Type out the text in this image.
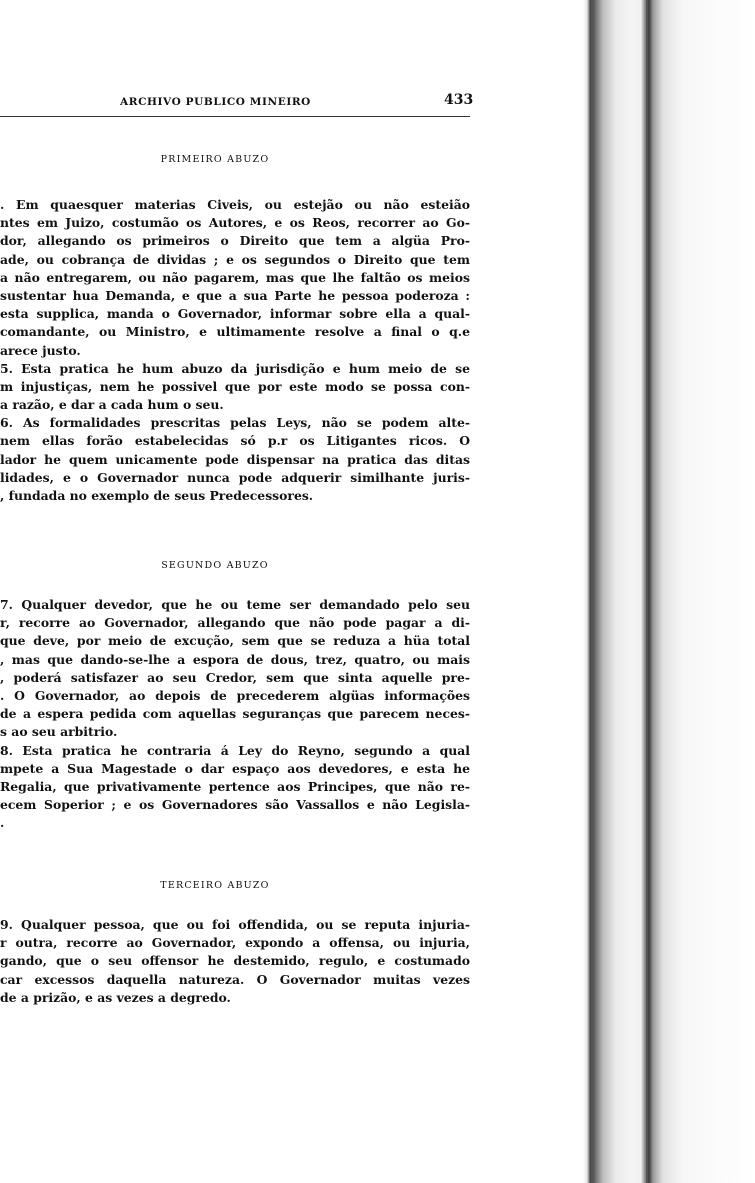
ARCHIVO PUBLICO MINEIRO	433
PRIMEIRO ABUZO
. Em quaesquer materias Civeis, ou estejão ou não esteião
ntes em Juizo, costumão os Autores, e os Reos, recorrer ao Go-
dor, allegando os primeiros o Direito que tem a algüa Pro-
ade, ou cobrança de dividas ; e os segundos o Direito que tem
a não entregarem, ou não pagarem, mas que lhe faltão os meios
sustentar hua Demanda, e que a sua Parte he pessoa poderoza :
esta supplica, manda o Governador, informar sobre ella a qual-
comandante, ou Ministro, e ultimamente resolve a final o q.e
arece justo.
5. Esta pratica he hum abuzo da jurisdição e hum meio de se
m injustiças, nem he possivel que por este modo se possa con-
a razão, e dar a cada hum o seu.
6. As formalidades prescritas pelas Leys, não se podem alte-
nem ellas forão estabelecidas só p.r os Litigantes ricos. O
lador he quem unicamente pode dispensar na pratica das ditas
lidades, e o Governador nunca pode adquerir similhante juris-
, fundada no exemplo de seus Predecessores.
SEGUNDO ABUZO
7. Qualquer devedor, que he ou teme ser demandado pelo seu
r, recorre ao Governador, allegando que não pode pagar a di-
que deve, por meio de excução, sem que se reduza a hüa total
, mas que dando-se-lhe a espora de dous, trez, quatro, ou mais
, poderá satisfazer ao seu Credor, sem que sinta aquelle pre-
. O Governador, ao depois de precederem algüas informações
de a espera pedida com aquellas seguranças que parecem neces-
s ao seu arbitrio.
8. Esta pratica he contraria á Ley do Reyno, segundo a qual
mpete a Sua Magestade o dar espaço aos devedores, e esta he
Regalia, que privativamente pertence aos Principes, que não re-
ecem Soperior ; e os Governadores são Vassallos e não Legisla-
.
TERCEIRO ABUZO
9. Qualquer pessoa, que ou foi offendida, ou se reputa injuria-
r outra, recorre ao Governador, expondo a offensa, ou injuria,
gando, que o seu offensor he destemido, regulo, e costumado
car excessos daquella natureza. O Governador muitas vezes
de a prizão, e as vezes a degredo.
